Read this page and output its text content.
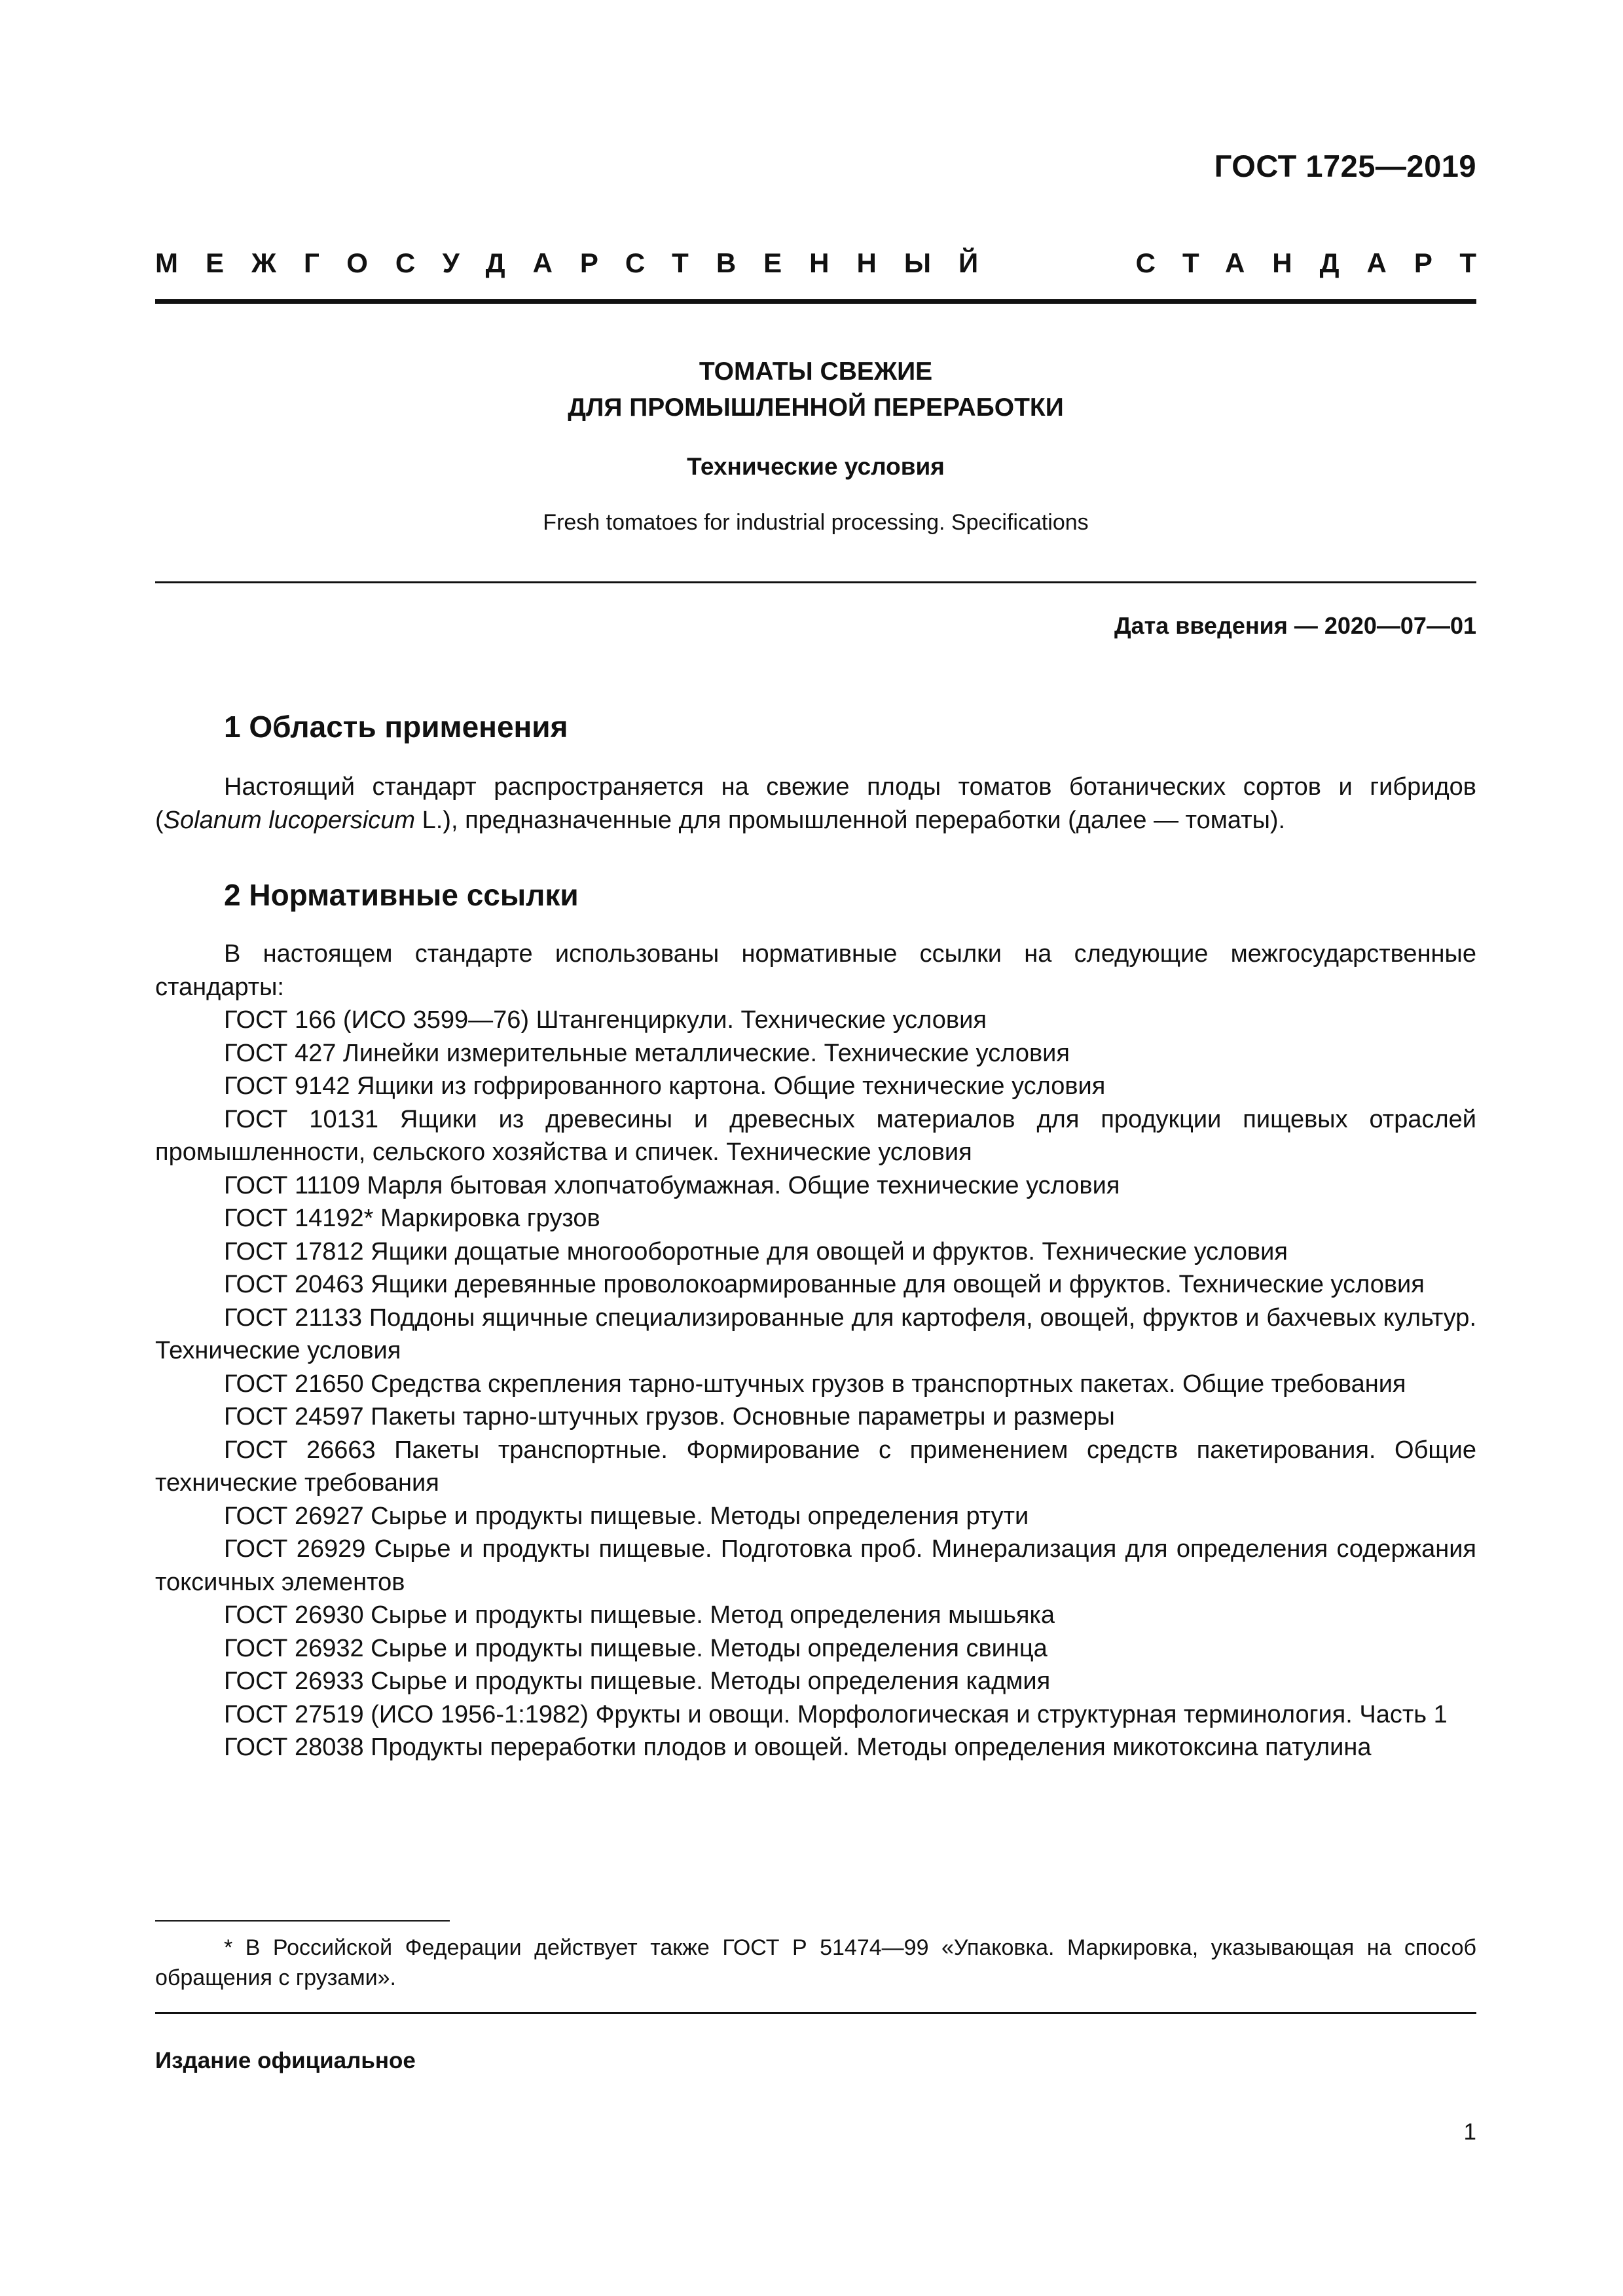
ГОСТ 1725—2019
МЕЖГОСУДАРСТВЕННЫЙ	СТАНДАРТ
ТОМАТЫ СВЕЖИЕ
ДЛЯ ПРОМЫШЛЕННОЙ ПЕРЕРАБОТКИ
Технические условия
Fresh tomatoes for industrial processing. Specifications
Дата введения — 2020—07—01
1 Область применения

Настоящий стандарт распространяется на свежие плоды томатов ботанических сортов и гибридов (Solanum lucopersicum L.), предназначенные для промышленной переработки (далее — томаты).

2 Нормативные ссылки

В настоящем стандарте использованы нормативные ссылки на следующие межгосударственные стандарты:

ГОСТ 166 (ИСО 3599—76) Штангенциркули. Технические условия

ГОСТ 427 Линейки измерительные металлические. Технические условия

ГОСТ 9142 Ящики из гофрированного картона. Общие технические условия

ГОСТ 10131 Ящики из древесины и древесных материалов для продукции пищевых отраслей промышленности, сельского хозяйства и спичек. Технические условия

ГОСТ 11109 Марля бытовая хлопчатобумажная. Общие технические условия

ГОСТ 14192* Маркировка грузов

ГОСТ 17812 Ящики дощатые многооборотные для овощей и фруктов. Технические условия

ГОСТ 20463 Ящики деревянные проволокоармированные для овощей и фруктов. Технические условия

ГОСТ 21133 Поддоны ящичные специализированные для картофеля, овощей, фруктов и бахчевых культур. Технические условия

ГОСТ 21650 Средства скрепления тарно-штучных грузов в транспортных пакетах. Общие требования

ГОСТ 24597 Пакеты тарно-штучных грузов. Основные параметры и размеры

ГОСТ 26663 Пакеты транспортные. Формирование с применением средств пакетирования. Общие технические требования

ГОСТ 26927 Сырье и продукты пищевые. Методы определения ртути

ГОСТ 26929 Сырье и продукты пищевые. Подготовка проб. Минерализация для определения содержания токсичных элементов

ГОСТ 26930 Сырье и продукты пищевые. Метод определения мышьяка

ГОСТ 26932 Сырье и продукты пищевые. Методы определения свинца

ГОСТ 26933 Сырье и продукты пищевые. Методы определения кадмия

ГОСТ 27519 (ИСО 1956-1:1982) Фрукты и овощи. Морфологическая и структурная терминология. Часть 1

ГОСТ 28038 Продукты переработки плодов и овощей. Методы определения микотоксина патулина

* В Российской Федерации действует также ГОСТ Р 51474—99 «Упаковка. Маркировка, указывающая на способ обращения с грузами».
Издание официальное
1
